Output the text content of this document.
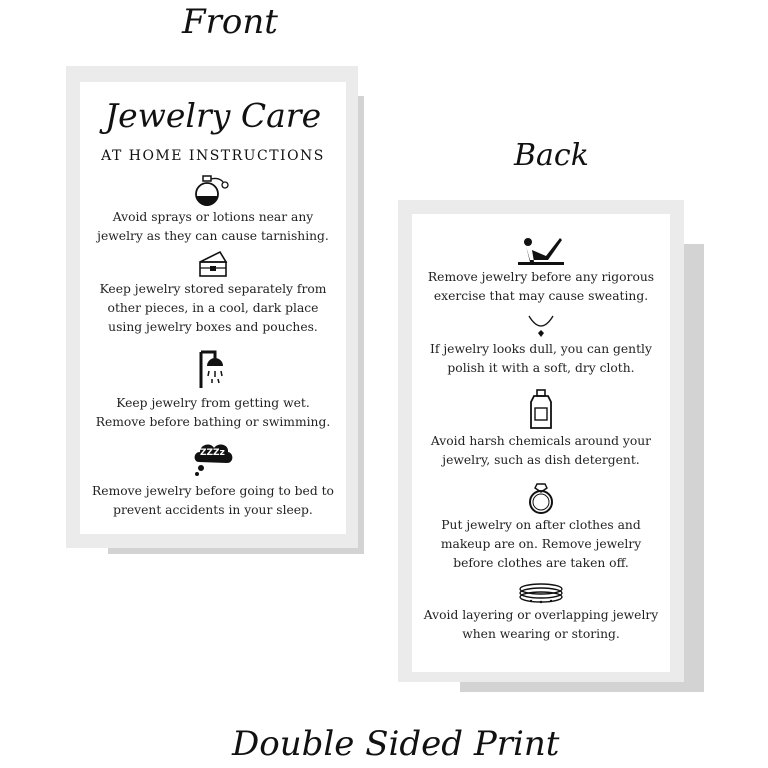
Front
Back
Double Sided Print
Jewelry Care
AT HOME INSTRUCTIONS
Avoid sprays or lotions near any
jewelry as they can cause tarnishing.
Keep jewelry stored separately from
other pieces, in a cool, dark place
using jewelry boxes and pouches.
Keep jewelry from getting wet.
Remove before bathing or swimming.
ZZZz
Remove jewelry before going to bed to
prevent accidents in your sleep.
Remove jewelry before any rigorous
exercise that may cause sweating.
If jewelry looks dull, you can gently
polish it with a soft, dry cloth.
Avoid harsh chemicals around your
jewelry, such as dish detergent.
Put jewelry on after clothes and
makeup are on. Remove jewelry
before clothes are taken off.
Avoid layering or overlapping jewelry
when wearing or storing.
